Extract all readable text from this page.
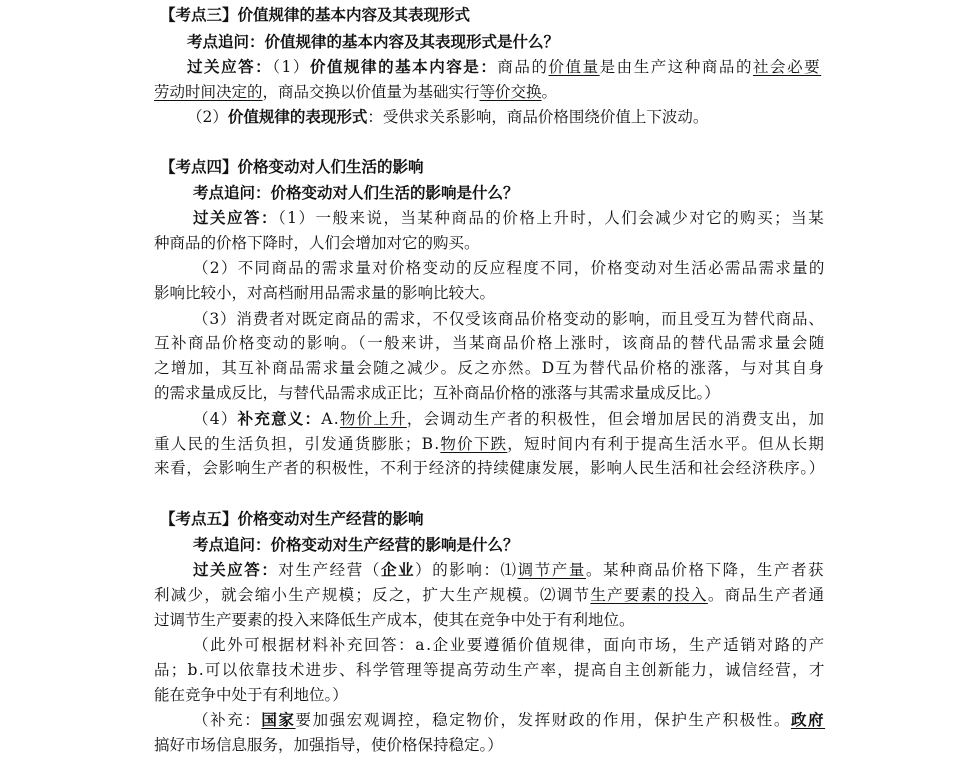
【考点三】价值规律的基本内容及其表现形式
考点追问：价值规律的基本内容及其表现形式是什么？
过关应答：（1）价值规律的基本内容是：商品的价值量是由生产这种商品的社会必要
劳动时间决定的，商品交换以价值量为基础实行等价交换。
（2）价值规律的表现形式：受供求关系影响，商品价格围绕价值上下波动。
【考点四】价格变动对人们生活的影响
考点追问：价格变动对人们生活的影响是什么？
过关应答：（1）一般来说，当某种商品的价格上升时，人们会减少对它的购买；当某
种商品的价格下降时，人们会增加对它的购买。
（2）不同商品的需求量对价格变动的反应程度不同，价格变动对生活必需品需求量的
影响比较小，对高档耐用品需求量的影响比较大。
（3）消费者对既定商品的需求，不仅受该商品价格变动的影响，而且受互为替代商品、
互补商品价格变动的影响。（一般来讲，当某商品价格上涨时，该商品的替代品需求量会随
之增加，其互补商品需求量会随之减少。反之亦然。D互为替代品价格的涨落，与对其自身
的需求量成反比，与替代品需求成正比；互补商品价格的涨落与其需求量成反比。）
（4）补充意义：A.物价上升，会调动生产者的积极性，但会增加居民的消费支出，加
重人民的生活负担，引发通货膨胀；B.物价下跌，短时间内有利于提高生活水平。但从长期
来看，会影响生产者的积极性，不利于经济的持续健康发展，影响人民生活和社会经济秩序。）
【考点五】价格变动对生产经营的影响
考点追问：价格变动对生产经营的影响是什么？
过关应答：对生产经营（企业）的影响：⑴调节产量。某种商品价格下降，生产者获
利减少，就会缩小生产规模；反之，扩大生产规模。⑵调节生产要素的投入。商品生产者通
过调节生产要素的投入来降低生产成本，使其在竞争中处于有利地位。
（此外可根据材料补充回答：a.企业要遵循价值规律，面向市场，生产适销对路的产
品；b.可以依靠技术进步、科学管理等提高劳动生产率，提高自主创新能力，诚信经营，才
能在竞争中处于有利地位。）
（补充：国家要加强宏观调控，稳定物价，发挥财政的作用，保护生产积极性。政府
搞好市场信息服务，加强指导，使价格保持稳定。）
